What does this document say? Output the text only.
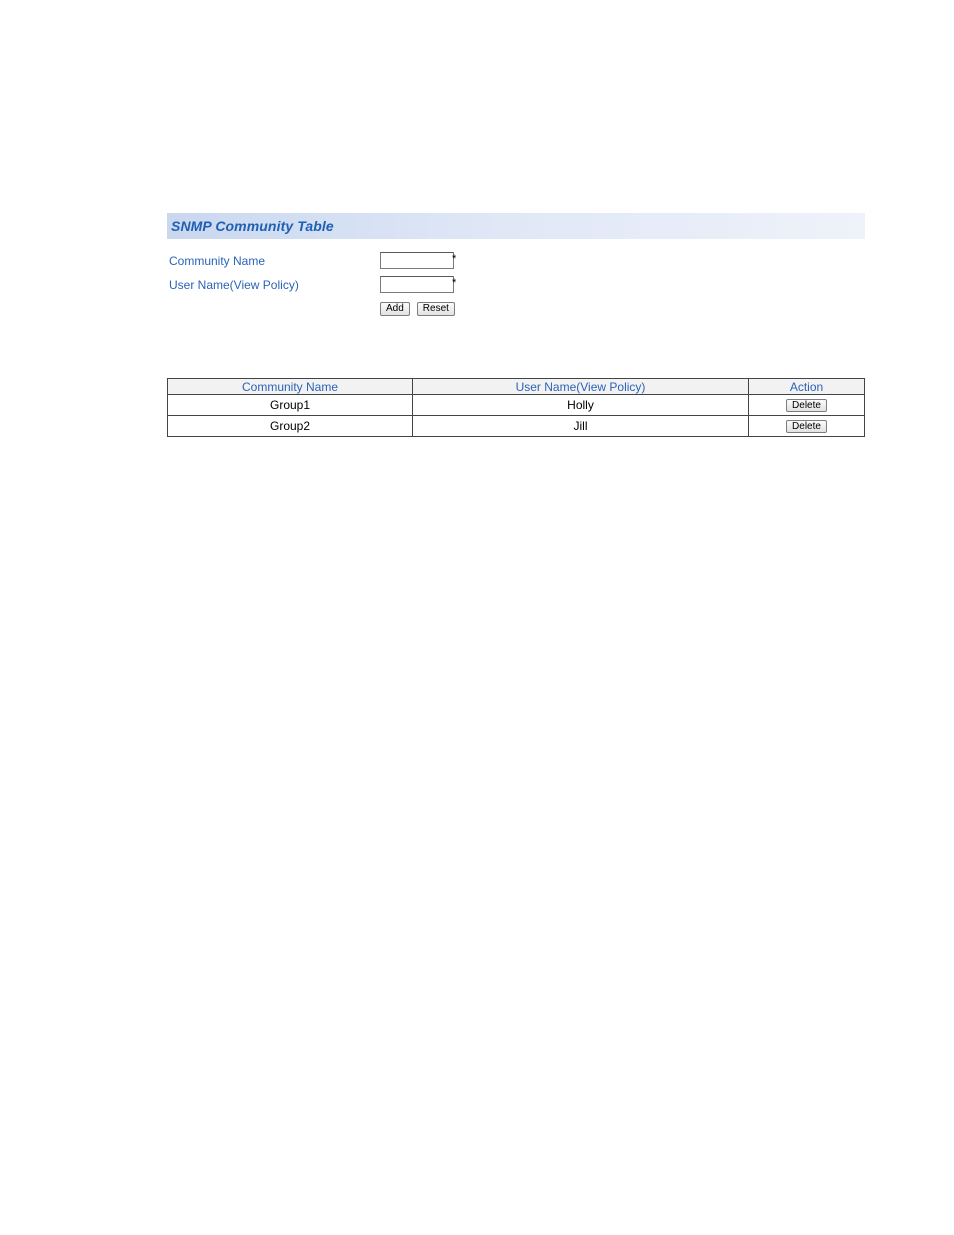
SNMP Community Table
Community Name	*
User Name(View Policy)	*
Add	Reset
Community Name	User Name(View Policy)	Action
Group1	Holly	Delete
Group2	Jill	Delete
